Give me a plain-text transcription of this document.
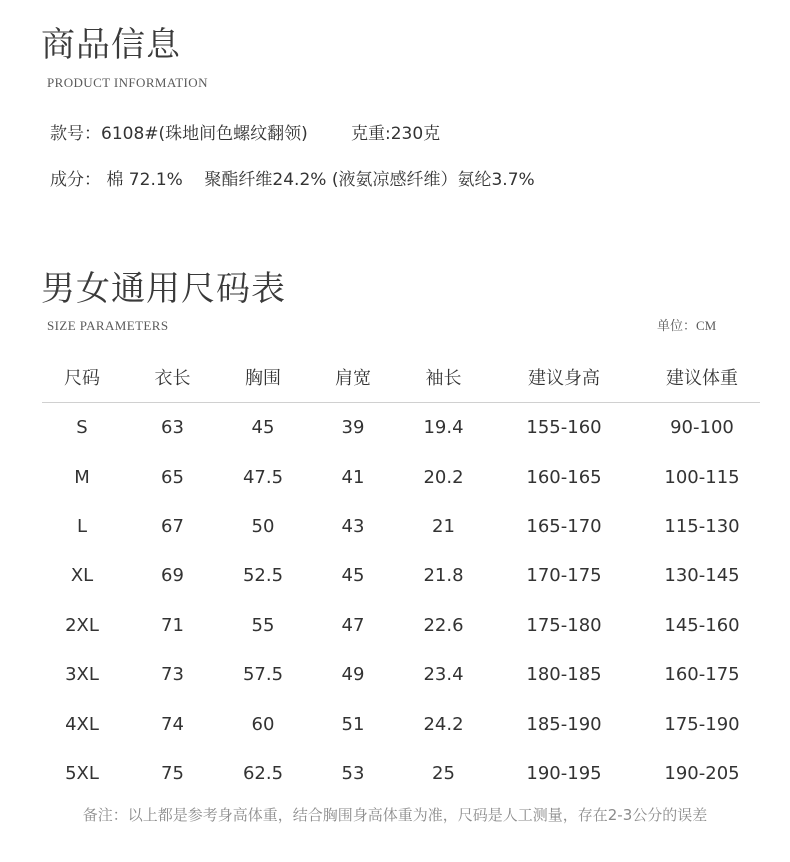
商品信息
PRODUCT INFORMATION
款号：6108#(珠地间色螺纹翻领)        克重:230克
成分： 棉 72.1%    聚酯纤维24.2% (液氨凉感纤维）氨纶3.7%
男女通用尺码表
SIZE PARAMETERS	单位：CM
尺码	衣长	胸围	肩宽	袖长	建议身高	建议体重
S	63	45	39	19.4	155-160	90-100
M	65	47.5	41	20.2	160-165	100-115
L	67	50	43	21	165-170	115-130
XL	69	52.5	45	21.8	170-175	130-145
2XL	71	55	47	22.6	175-180	145-160
3XL	73	57.5	49	23.4	180-185	160-175
4XL	74	60	51	24.2	185-190	175-190
5XL	75	62.5	53	25	190-195	190-205
备注：以上都是参考身高体重，结合胸围身高体重为准，尺码是人工测量，存在2-3公分的误差
